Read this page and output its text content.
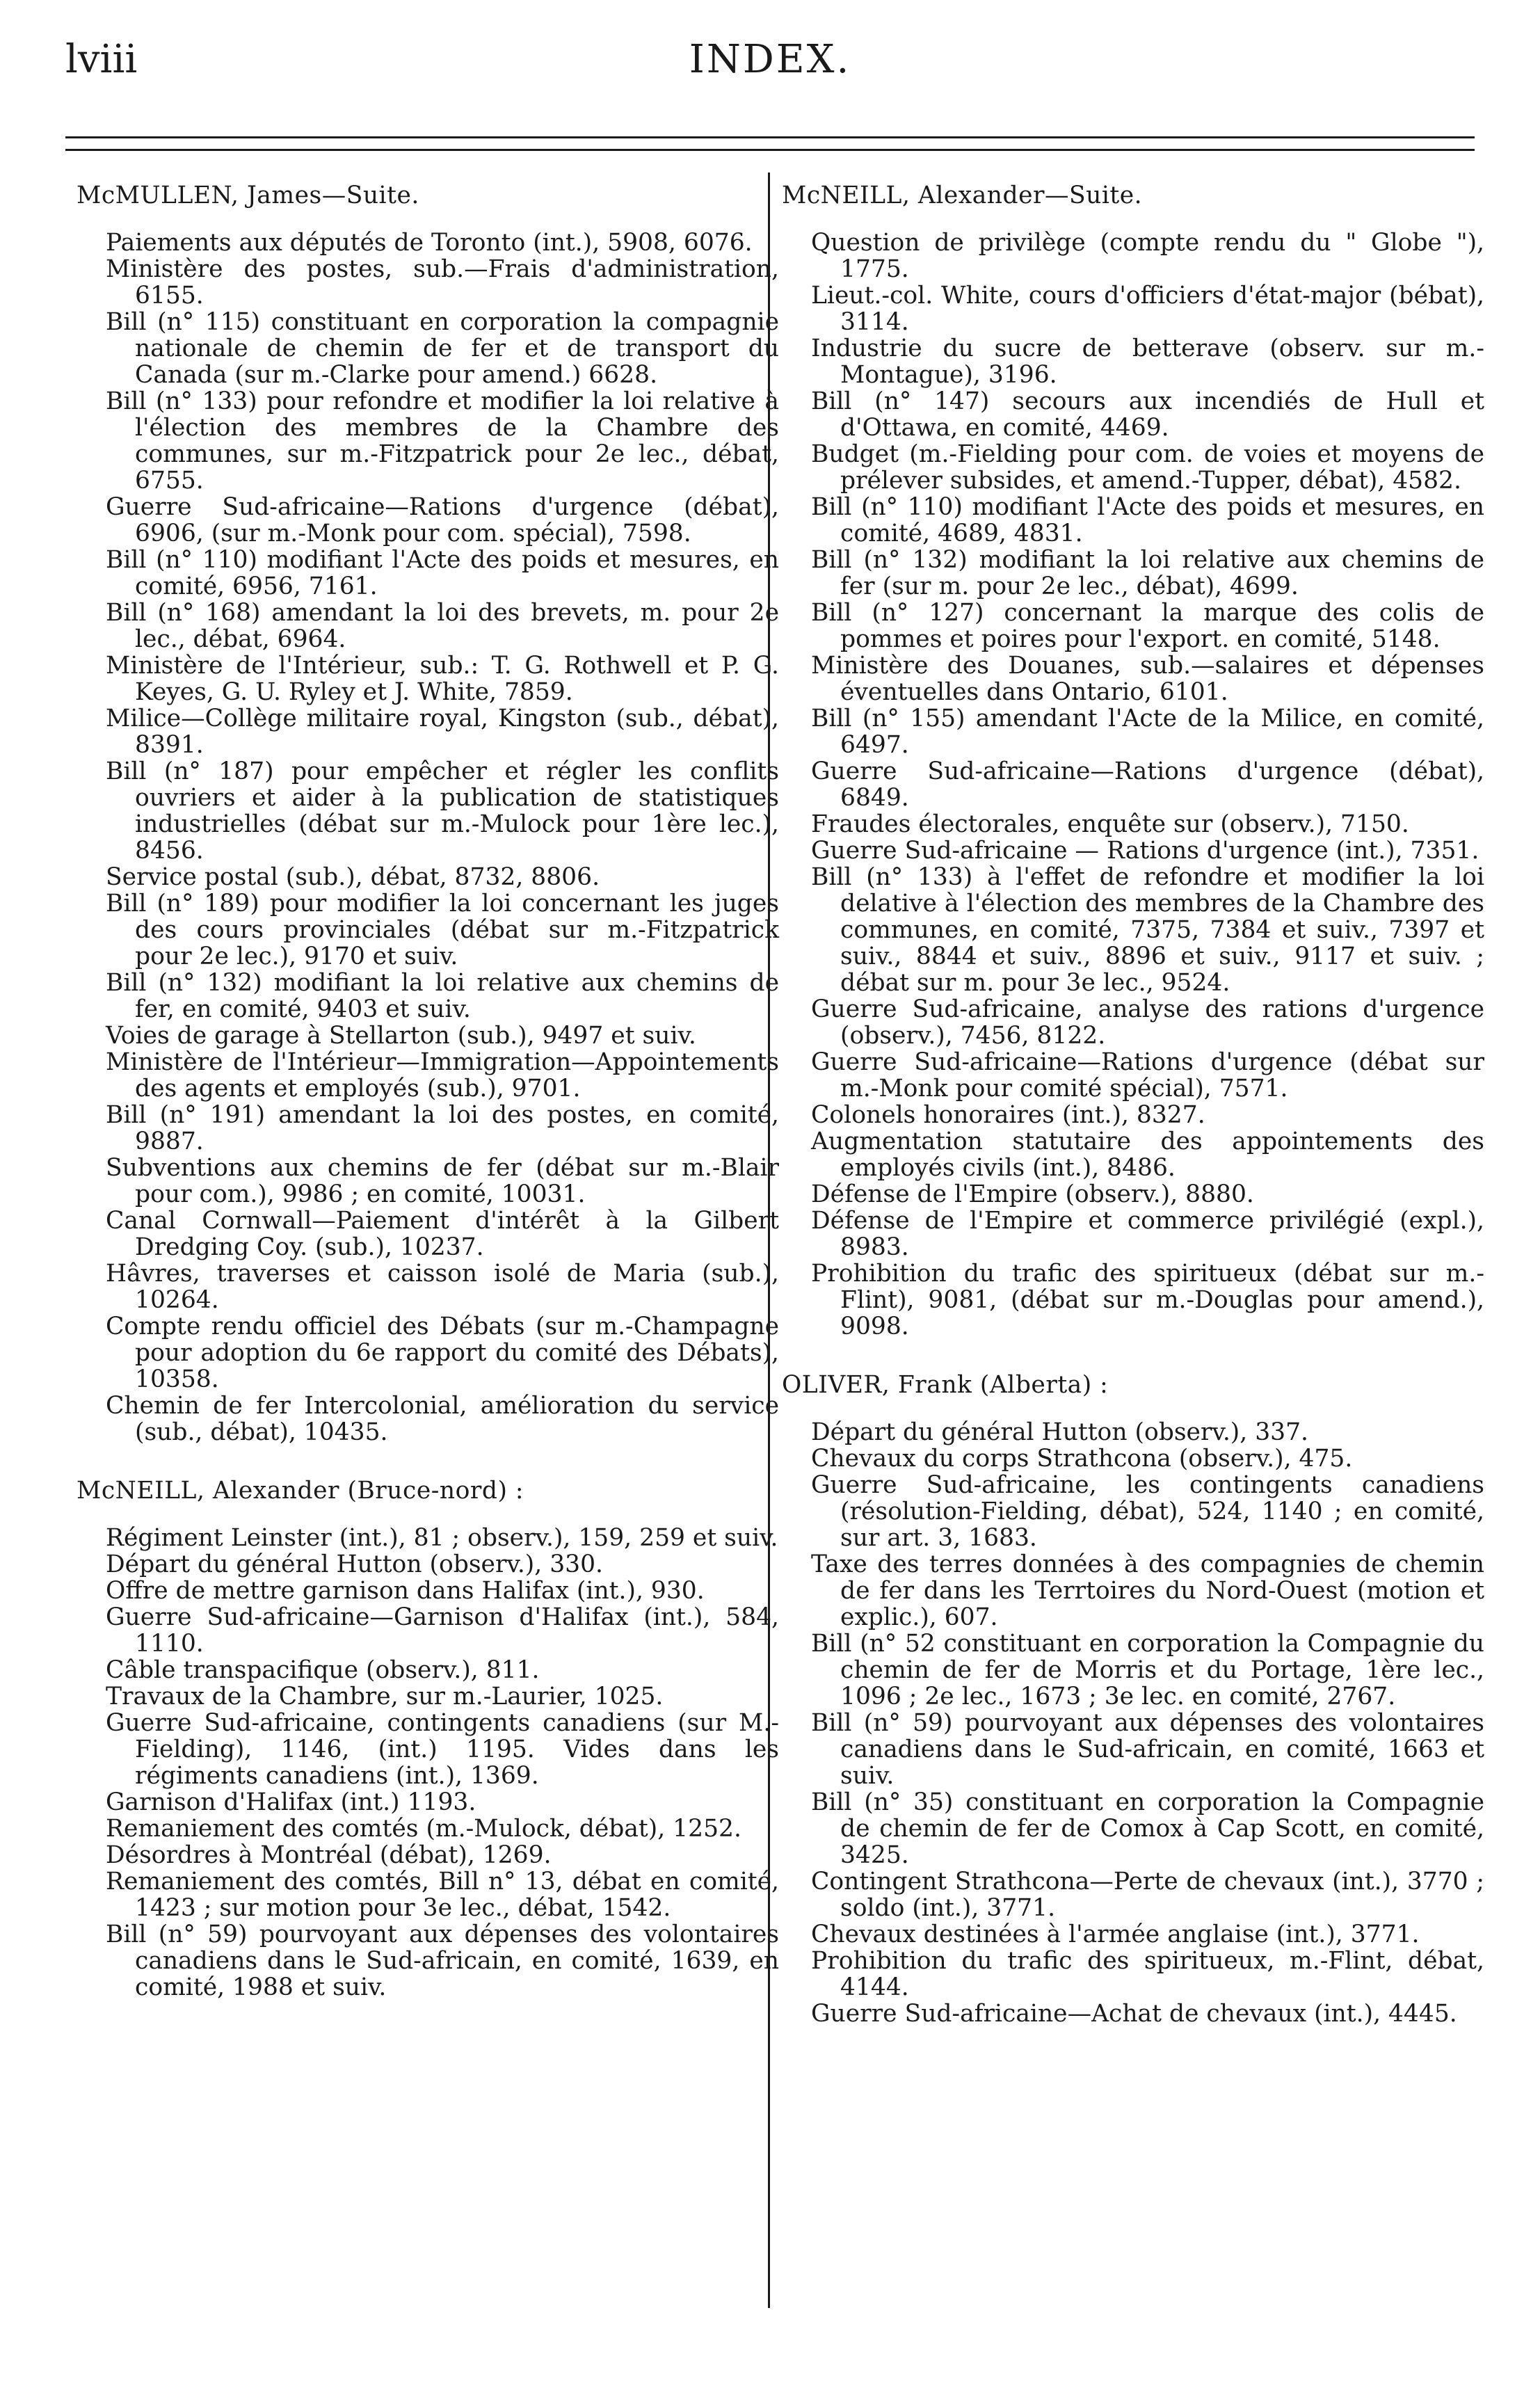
lviii	INDEX.

McMULLEN, James—Suite.

Paiements aux députés de Toronto (int.), 5908, 6076.

Ministère des postes, sub.—Frais d'administration, 6155.

Bill (n° 115) constituant en corporation la compagnie nationale de chemin de fer et de transport du Canada (sur m.-Clarke pour amend.) 6628.

Bill (n° 133) pour refondre et modifier la loi relative à l'élection des membres de la Chambre des communes, sur m.-Fitzpatrick pour 2e lec., débat, 6755.

Guerre Sud-africaine—Rations d'urgence (débat), 6906, (sur m.-Monk pour com. spécial), 7598.

Bill (n° 110) modifiant l'Acte des poids et mesures, en comité, 6956, 7161.

Bill (n° 168) amendant la loi des brevets, m. pour 2e lec., débat, 6964.

Ministère de l'Intérieur, sub.: T. G. Rothwell et P. G. Keyes, G. U. Ryley et J. White, 7859.

Milice—Collège militaire royal, Kingston (sub., débat), 8391.

Bill (n° 187) pour empêcher et régler les conflits ouvriers et aider à la publication de statistiques industrielles (débat sur m.-Mulock pour 1ère lec.), 8456.

Service postal (sub.), débat, 8732, 8806.

Bill (n° 189) pour modifier la loi concernant les juges des cours provinciales (débat sur m.-Fitzpatrick pour 2e lec.), 9170 et suiv.

Bill (n° 132) modifiant la loi relative aux chemins de fer, en comité, 9403 et suiv.

Voies de garage à Stellarton (sub.), 9497 et suiv.

Ministère de l'Intérieur—Immigration—Appointements des agents et employés (sub.), 9701.

Bill (n° 191) amendant la loi des postes, en comité, 9887.

Subventions aux chemins de fer (débat sur m.-Blair pour com.), 9986 ; en comité, 10031.

Canal Cornwall—Paiement d'intérêt à la Gilbert Dredging Coy. (sub.), 10237.

Hâvres, traverses et caisson isolé de Maria (sub.), 10264.

Compte rendu officiel des Débats (sur m.-Champagne pour adoption du 6e rapport du comité des Débats), 10358.

Chemin de fer Intercolonial, amélioration du service (sub., débat), 10435.

McNEILL, Alexander (Bruce-nord) :

Régiment Leinster (int.), 81 ; observ.), 159, 259 et suiv.

Départ du général Hutton (observ.), 330.

Offre de mettre garnison dans Halifax (int.), 930.

Guerre Sud-africaine—Garnison d'Halifax (int.), 584, 1110.

Câble transpacifique (observ.), 811.

Travaux de la Chambre, sur m.-Laurier, 1025.

Guerre Sud-africaine, contingents canadiens (sur M.-Fielding), 1146, (int.) 1195. Vides dans les régiments canadiens (int.), 1369.

Garnison d'Halifax (int.) 1193.

Remaniement des comtés (m.-Mulock, débat), 1252.

Désordres à Montréal (débat), 1269.

Remaniement des comtés, Bill n° 13, débat en comité, 1423 ; sur motion pour 3e lec., débat, 1542.

Bill (n° 59) pourvoyant aux dépenses des volontaires canadiens dans le Sud-africain, en comité, 1639, en comité, 1988 et suiv.

McNEILL, Alexander—Suite.

Question de privilège (compte rendu du " Globe "), 1775.

Lieut.-col. White, cours d'officiers d'état-major (bébat), 3114.

Industrie du sucre de betterave (observ. sur m.-Montague), 3196.

Bill (n° 147) secours aux incendiés de Hull et d'Ottawa, en comité, 4469.

Budget (m.-Fielding pour com. de voies et moyens de prélever subsides, et amend.-Tupper, débat), 4582.

Bill (n° 110) modifiant l'Acte des poids et mesures, en comité, 4689, 4831.

Bill (n° 132) modifiant la loi relative aux chemins de fer (sur m. pour 2e lec., débat), 4699.

Bill (n° 127) concernant la marque des colis de pommes et poires pour l'export. en comité, 5148.

Ministère des Douanes, sub.—salaires et dépenses éventuelles dans Ontario, 6101.

Bill (n° 155) amendant l'Acte de la Milice, en comité, 6497.

Guerre Sud-africaine—Rations d'urgence (débat), 6849.

Fraudes électorales, enquête sur (observ.), 7150.

Guerre Sud-africaine — Rations d'urgence (int.), 7351.

Bill (n° 133) à l'effet de refondre et modifier la loi delative à l'élection des membres de la Chambre des communes, en comité, 7375, 7384 et suiv., 7397 et suiv., 8844 et suiv., 8896 et suiv., 9117 et suiv. ; débat sur m. pour 3e lec., 9524.

Guerre Sud-africaine, analyse des rations d'urgence (observ.), 7456, 8122.

Guerre Sud-africaine—Rations d'urgence (débat sur m.-Monk pour comité spécial), 7571.

Colonels honoraires (int.), 8327.

Augmentation statutaire des appointements des employés civils (int.), 8486.

Défense de l'Empire (observ.), 8880.

Défense de l'Empire et commerce privilégié (expl.), 8983.

Prohibition du trafic des spiritueux (débat sur m.-Flint), 9081, (débat sur m.-Douglas pour amend.), 9098.

OLIVER, Frank (Alberta) :

Départ du général Hutton (observ.), 337.

Chevaux du corps Strathcona (observ.), 475.

Guerre Sud-africaine, les contingents canadiens (résolution-Fielding, débat), 524, 1140 ; en comité, sur art. 3, 1683.

Taxe des terres données à des compagnies de chemin de fer dans les Terrtoires du Nord-Ouest (motion et explic.), 607.

Bill (n° 52 constituant en corporation la Compagnie du chemin de fer de Morris et du Portage, 1ère lec., 1096 ; 2e lec., 1673 ; 3e lec. en comité, 2767.

Bill (n° 59) pourvoyant aux dépenses des volontaires canadiens dans le Sud-africain, en comité, 1663 et suiv.

Bill (n° 35) constituant en corporation la Compagnie de chemin de fer de Comox à Cap Scott, en comité, 3425.

Contingent Strathcona—Perte de chevaux (int.), 3770 ; soldo (int.), 3771.

Chevaux destinées à l'armée anglaise (int.), 3771.

Prohibition du trafic des spiritueux, m.-Flint, débat, 4144.

Guerre Sud-africaine—Achat de chevaux (int.), 4445.
